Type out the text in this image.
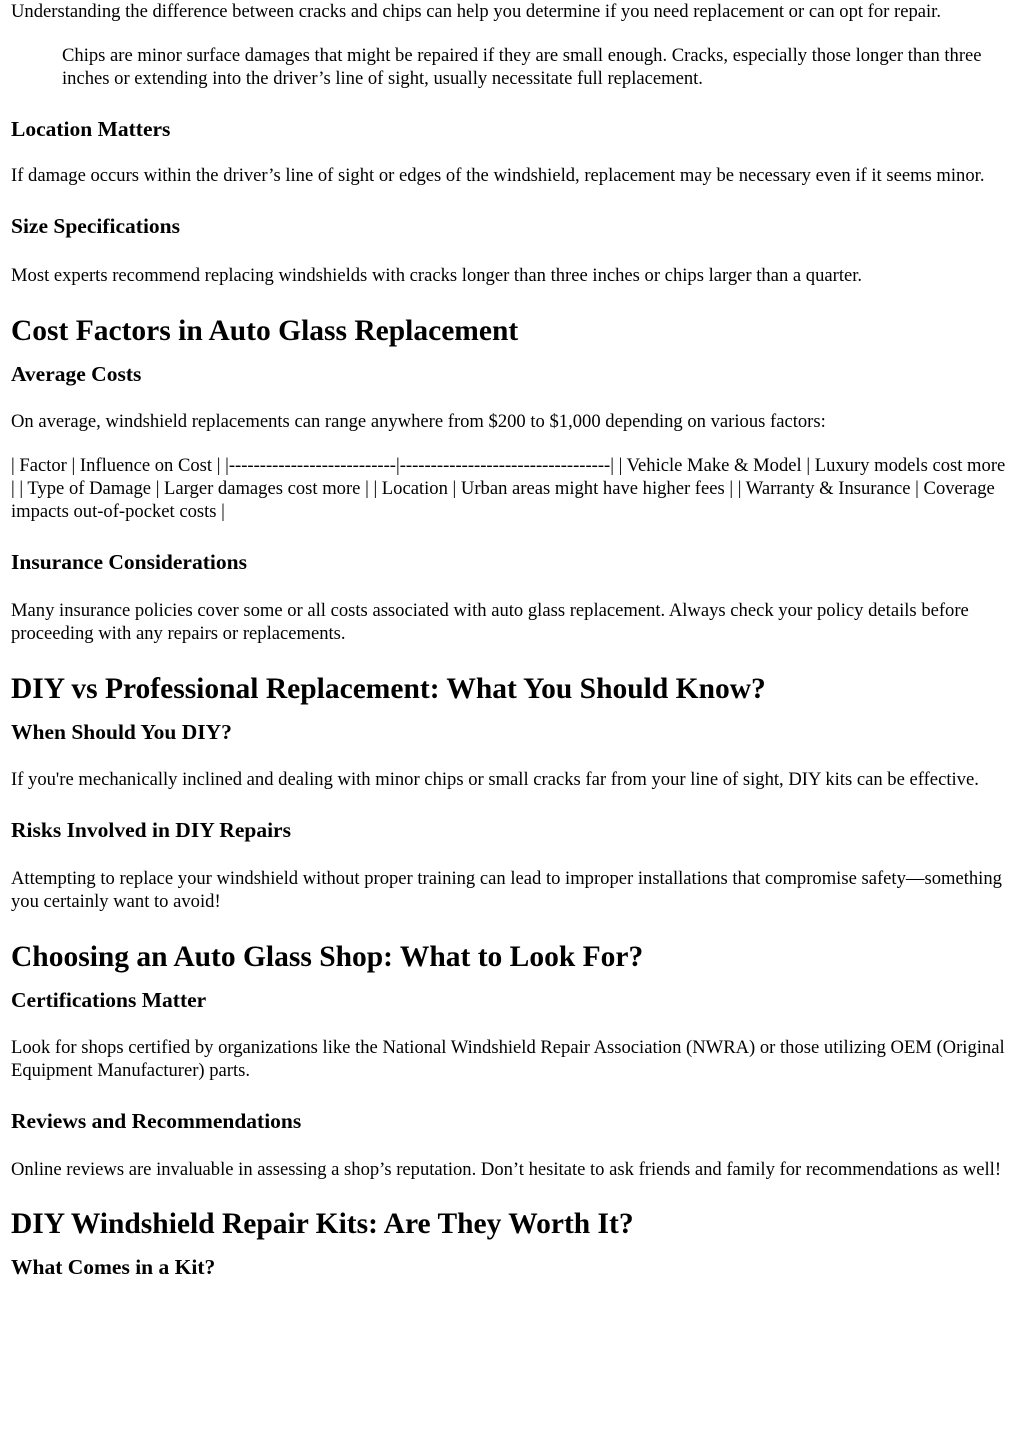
Understanding the difference between cracks and chips can help you determine if you need replacement or can opt for repair.

Chips are minor surface damages that might be repaired if they are small enough. Cracks, especially those longer than three inches or extending into the driver’s line of sight, usually necessitate full replacement.

Location Matters

If damage occurs within the driver’s line of sight or edges of the windshield, replacement may be necessary even if it seems minor.

Size Specifications

Most experts recommend replacing windshields with cracks longer than three inches or chips larger than a quarter.

Cost Factors in Auto Glass Replacement
Average Costs

On average, windshield replacements can range anywhere from $200 to $1,000 depending on various factors:

| Factor | Influence on Cost | |---------------------------|----------------------------------| | Vehicle Make & Model | Luxury models cost more | | Type of Damage | Larger damages cost more | | Location | Urban areas might have higher fees | | Warranty & Insurance | Coverage impacts out-of-pocket costs |

Insurance Considerations

Many insurance policies cover some or all costs associated with auto glass replacement. Always check your policy details before proceeding with any repairs or replacements.

DIY vs Professional Replacement: What You Should Know?
When Should You DIY?

If you're mechanically inclined and dealing with minor chips or small cracks far from your line of sight, DIY kits can be effective.

Risks Involved in DIY Repairs

Attempting to replace your windshield without proper training can lead to improper installations that compromise safety—something you certainly want to avoid!

Choosing an Auto Glass Shop: What to Look For?
Certifications Matter

Look for shops certified by organizations like the National Windshield Repair Association (NWRA) or those utilizing OEM (Original Equipment Manufacturer) parts.

Reviews and Recommendations

Online reviews are invaluable in assessing a shop’s reputation. Don’t hesitate to ask friends and family for recommendations as well!

DIY Windshield Repair Kits: Are They Worth It?
What Comes in a Kit?
